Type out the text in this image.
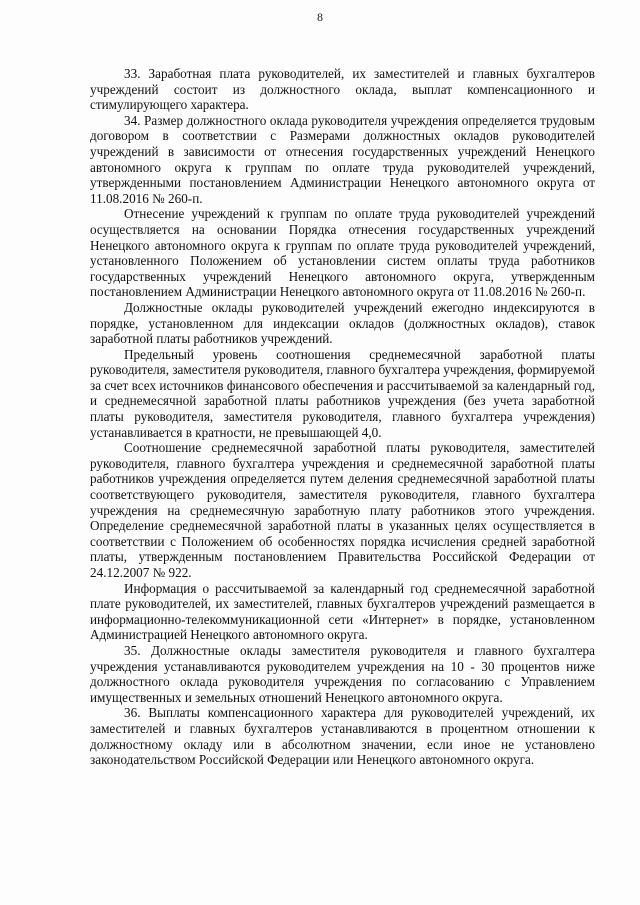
8

33. Заработная плата руководителей, их заместителей и главных бухгалтеров учреждений состоит из должностного оклада, выплат компенсационного и стимулирующего характера.

34. Размер должностного оклада руководителя учреждения определяется трудовым договором в соответствии с Размерами должностных окладов руководителей учреждений в зависимости от отнесения государственных учреждений Ненецкого автономного округа к группам по оплате труда руководителей учреждений, утвержденными постановлением Администрации Ненецкого автономного округа от 11.08.2016 № 260-п.

Отнесение учреждений к группам по оплате труда руководителей учреждений осуществляется на основании Порядка отнесения государственных учреждений Ненецкого автономного округа к группам по оплате труда руководителей учреждений, установленного Положением об установлении систем оплаты труда работников государственных учреждений Ненецкого автономного округа, утвержденным постановлением Администрации Ненецкого автономного округа от 11.08.2016 № 260-п.

Должностные оклады руководителей учреждений ежегодно индексируются в порядке, установленном для индексации окладов (должностных окладов), ставок заработной платы работников учреждений.

Предельный уровень соотношения среднемесячной заработной платы руководителя, заместителя руководителя, главного бухгалтера учреждения, формируемой за счет всех источников финансового обеспечения и рассчитываемой за календарный год, и среднемесячной заработной платы работников учреждения (без учета заработной платы руководителя, заместителя руководителя, главного бухгалтера учреждения) устанавливается в кратности, не превышающей 4,0.

Соотношение среднемесячной заработной платы руководителя, заместителей руководителя, главного бухгалтера учреждения и среднемесячной заработной платы работников учреждения определяется путем деления среднемесячной заработной платы соответствующего руководителя, заместителя руководителя, главного бухгалтера учреждения на среднемесячную заработную плату работников этого учреждения. Определение среднемесячной заработной платы в указанных целях осуществляется в соответствии с Положением об особенностях порядка исчисления средней заработной платы, утвержденным постановлением Правительства Российской Федерации от 24.12.2007 № 922.

Информация о рассчитываемой за календарный год среднемесячной заработной плате руководителей, их заместителей, главных бухгалтеров учреждений размещается в информационно-телекоммуникационной сети «Интернет» в порядке, установленном Администрацией Ненецкого автономного округа.

35. Должностные оклады заместителя руководителя и главного бухгалтера учреждения устанавливаются руководителем учреждения на 10 - 30 процентов ниже должностного оклада руководителя учреждения по согласованию с Управлением имущественных и земельных отношений Ненецкого автономного округа.

36. Выплаты компенсационного характера для руководителей учреждений, их заместителей и главных бухгалтеров устанавливаются в процентном отношении к должностному окладу или в абсолютном значении, если иное не установлено законодательством Российской Федерации или Ненецкого автономного округа.
